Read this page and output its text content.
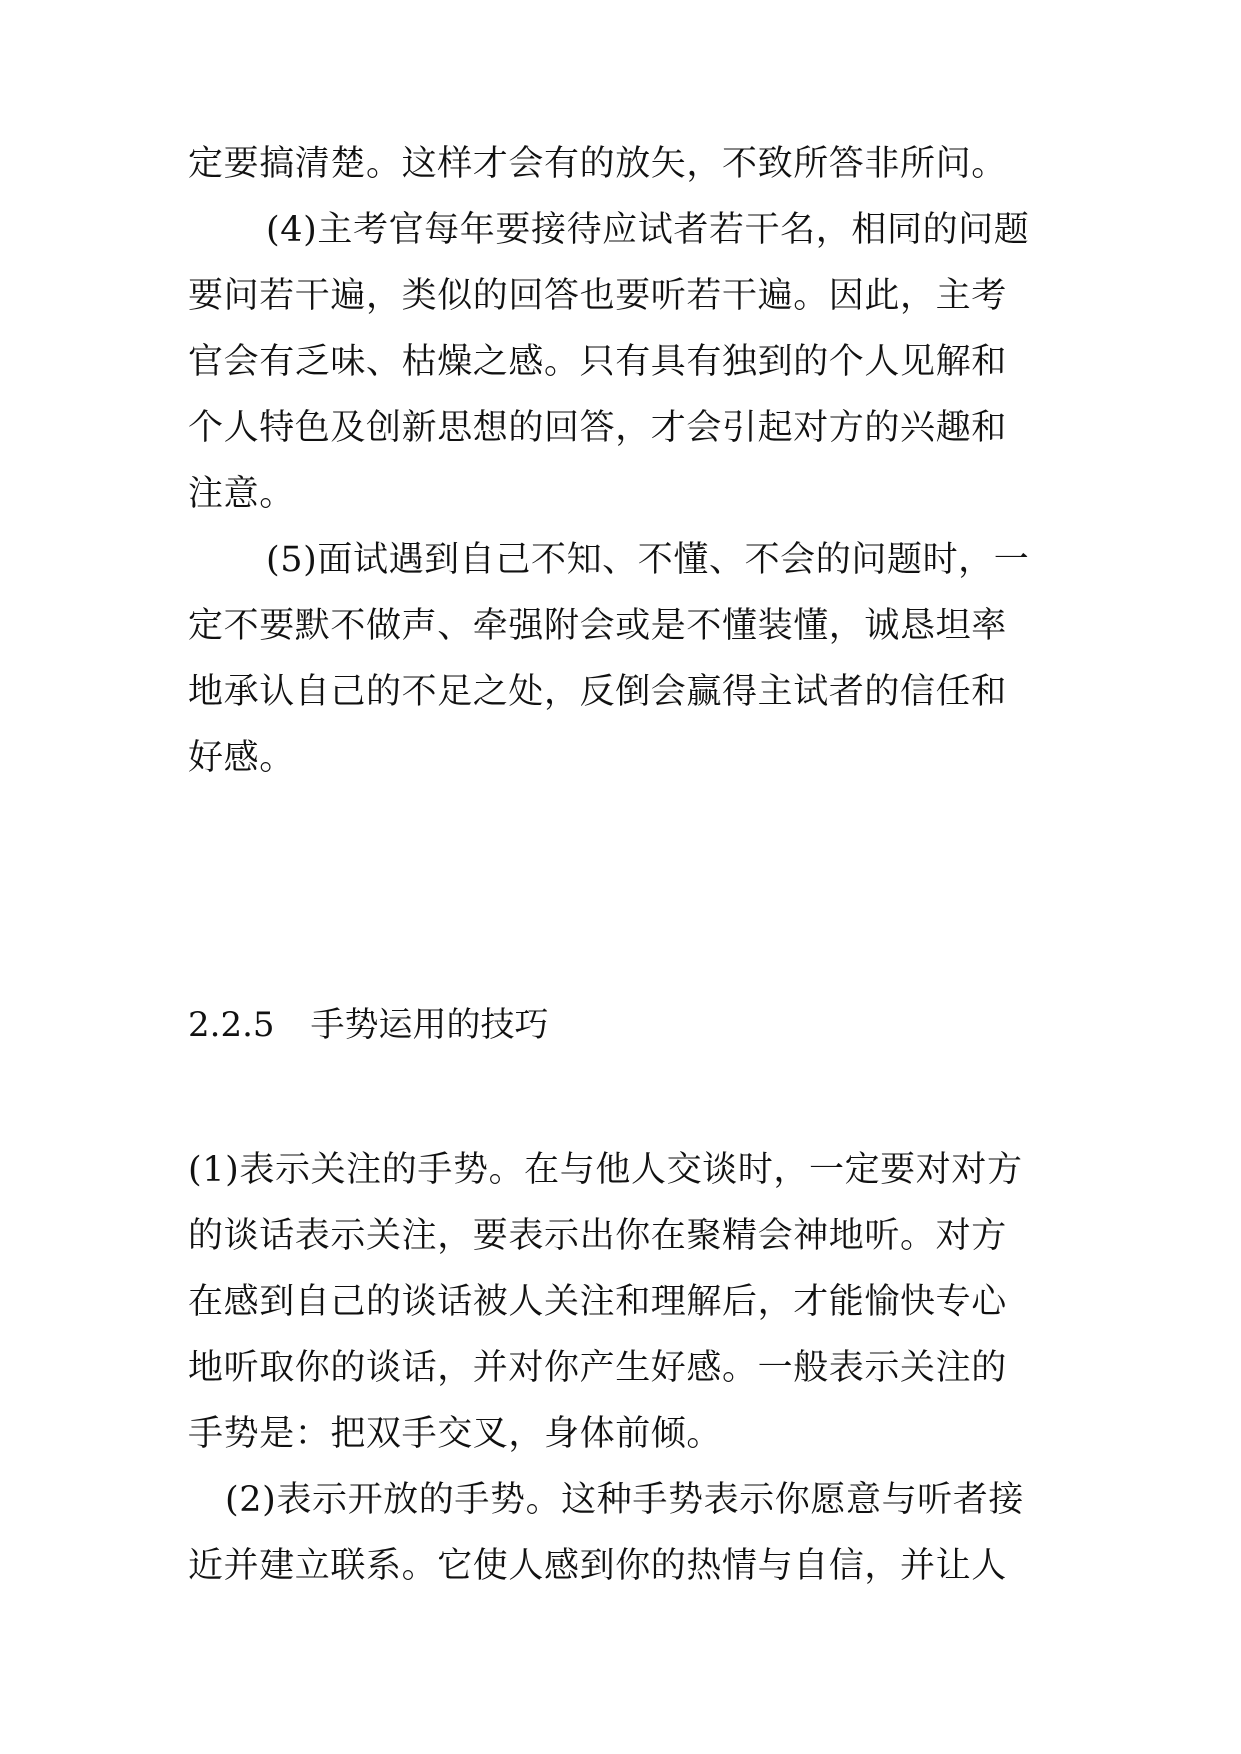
定要搞清楚。这样才会有的放矢，不致所答非所问。
(4)主考官每年要接待应试者若干名，相同的问题
要问若干遍，类似的回答也要听若干遍。因此，主考
官会有乏味、枯燥之感。只有具有独到的个人见解和
个人特色及创新思想的回答，才会引起对方的兴趣和
注意。
(5)面试遇到自己不知、不懂、不会的问题时，一
定不要默不做声、牵强附会或是不懂装懂，诚恳坦率
地承认自己的不足之处，反倒会赢得主试者的信任和
好感。
2.2.5 手势运用的技巧
(1)表示关注的手势。在与他人交谈时，一定要对对方
的谈话表示关注，要表示出你在聚精会神地听。对方
在感到自己的谈话被人关注和理解后，才能愉快专心
地听取你的谈话，并对你产生好感。一般表示关注的
手势是：把双手交叉，身体前倾。
(2)表示开放的手势。这种手势表示你愿意与听者接
近并建立联系。它使人感到你的热情与自信，并让人
